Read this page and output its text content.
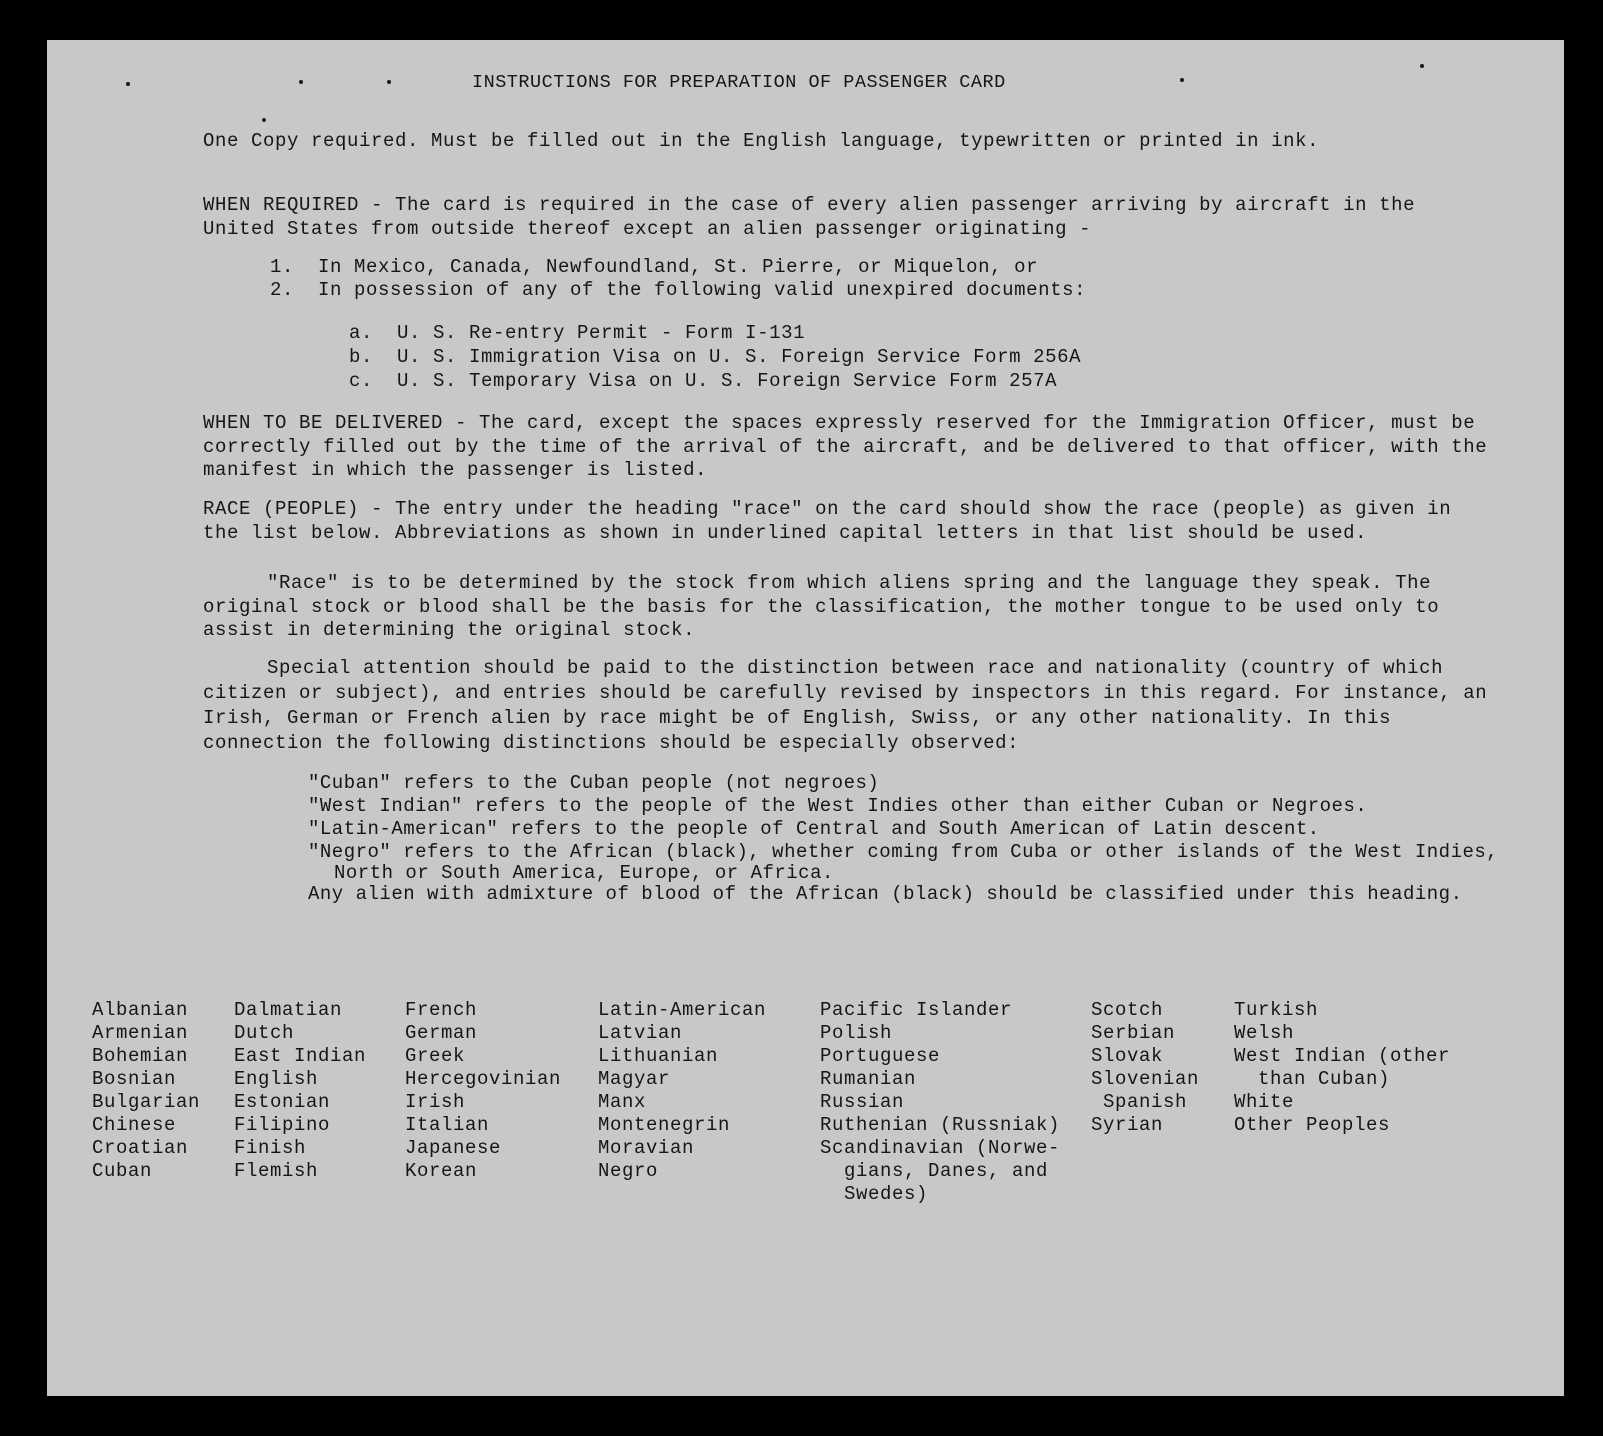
INSTRUCTIONS FOR PREPARATION OF PASSENGER CARD
One Copy required. Must be filled out in the English language, typewritten or printed in ink.
WHEN REQUIRED - The card is required in the case of every alien passenger arriving by aircraft in the United States from outside thereof except an alien passenger originating -
1.  In Mexico, Canada, Newfoundland, St. Pierre, or Miquelon, or
2.  In possession of any of the following valid unexpired documents:
a.  U. S. Re-entry Permit - Form I-131
b.  U. S. Immigration Visa on U. S. Foreign Service Form 256A
c.  U. S. Temporary Visa on U. S. Foreign Service Form 257A
WHEN TO BE DELIVERED - The card, except the spaces expressly reserved for the Immigration Officer, must be correctly filled out by the time of the arrival of the aircraft, and be delivered to that officer, with the manifest in which the passenger is listed.
RACE (PEOPLE) - The entry under the heading "race" on the card should show the race (people) as given in the list below. Abbreviations as shown in underlined capital letters in that list should be used.
"Race" is to be determined by the stock from which aliens spring and the language they speak. The original stock or blood shall be the basis for the classification, the mother tongue to be used only to assist in determining the original stock.
Special attention should be paid to the distinction between race and nationality (country of which citizen or subject), and entries should be carefully revised by inspectors in this regard. For instance, an Irish, German or French alien by race might be of English, Swiss, or any other nationality. In this connection the following distinctions should be especially observed:
"Cuban" refers to the Cuban people (not negroes)
"West Indian" refers to the people of the West Indies other than either Cuban or Negroes.
"Latin-American" refers to the people of Central and South American of Latin descent.
"Negro" refers to the African (black), whether coming from Cuba or other islands of the West Indies, North or South America, Europe, or Africa.
Any alien with admixture of blood of the African (black) should be classified under this heading.
Albanian
Armenian
Bohemian
Bosnian
Bulgarian
Chinese
Croatian
Cuban
Dalmatian
Dutch
East Indian
English
Estonian
Filipino
Finish
Flemish
French
German
Greek
Hercegovinian
Irish
Italian
Japanese
Korean
Latin-American
Latvian
Lithuanian
Magyar
Manx
Montenegrin
Moravian
Negro
Pacific Islander
Polish
Portuguese
Rumanian
Russian
Ruthenian (Russniak)
Scandinavian (Norwe-
gians, Danes, and
Swedes)
Scotch
Serbian
Slovak
Slovenian
Spanish
Syrian
Turkish
Welsh
West Indian (other
than Cuban)
White
Other Peoples
